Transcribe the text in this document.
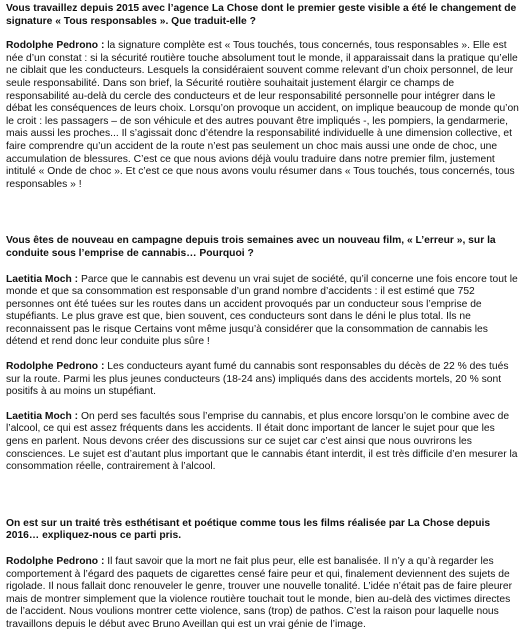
Vous travaillez depuis 2015 avec l’agence La Chose dont le premier geste visible a été le changement de signature « Tous responsables ». Que traduit-elle ?

Rodolphe Pedrono : la signature complète est « Tous touchés, tous concernés, tous responsables ». Elle est née d’un constat : si la sécurité routière touche absolument tout le monde, il apparaissait dans la pratique qu’elle ne ciblait que les conducteurs. Lesquels la considéraient souvent comme relevant d’un choix personnel, de leur seule responsabilité. Dans son brief, la Sécurité routière souhaitait justement élargir ce champs de responsabilité au-delà du cercle des conducteurs et de leur responsabilité personnelle pour intégrer dans le débat les conséquences de leurs choix. Lorsqu’on provoque un accident, on implique beaucoup de monde qu’on le croit : les passagers – de son véhicule et des autres pouvant être impliqués -, les pompiers, la gendarmerie, mais aussi les proches... Il s’agissait donc d’étendre la responsabilité individuelle à une dimension collective, et faire comprendre qu’un accident de la route n’est pas seulement un choc mais aussi une onde de choc, une accumulation de blessures. C’est ce que nous avions déjà voulu traduire dans notre premier film, justement intitulé « Onde de choc ». Et c’est ce que nous avons voulu résumer dans « Tous touchés, tous concernés, tous responsables » !

Vous êtes de nouveau en campagne depuis trois semaines avec un nouveau film, « L’erreur », sur la conduite sous l’emprise de cannabis… Pourquoi ?

Laetitia Moch : Parce que le cannabis est devenu un vrai sujet de société, qu’il concerne une fois encore tout le monde et que sa consommation est responsable d’un grand nombre d’accidents : il est estimé que 752 personnes ont été tuées sur les routes dans un accident provoqués par un conducteur sous l’emprise de stupéfiants. Le plus grave est que, bien souvent, ces conducteurs sont dans le déni le plus total. Ils ne reconnaissent pas le risque Certains vont même jusqu’à considérer que la consommation de cannabis les détend et rend donc leur conduite plus sûre !

Rodolphe Pedrono : Les conducteurs ayant fumé du cannabis sont responsables du décès de 22 % des tués sur la route. Parmi les plus jeunes conducteurs (18-24 ans) impliqués dans des accidents mortels, 20 % sont positifs à au moins un stupéfiant.

Laetitia Moch : On perd ses facultés sous l’emprise du cannabis, et plus encore lorsqu’on le combine avec de l’alcool, ce qui est assez fréquents dans les accidents. Il était donc important de lancer le sujet pour que les gens en parlent. Nous devons créer des discussions sur ce sujet car c’est ainsi que nous ouvrirons les consciences. Le sujet est d’autant plus important que le cannabis étant interdit, il est très difficile d’en mesurer la consommation réelle, contrairement à l’alcool.

On est sur un traité très esthétisant et poétique comme tous les films réalisée par La Chose depuis 2016… expliquez-nous ce parti pris.

Rodolphe Pedrono : Il faut savoir que la mort ne fait plus peur, elle est banalisée. Il n’y a qu’à regarder les comportement à l’égard des paquets de cigarettes censé faire peur et qui, finalement deviennent des sujets de rigolade. Il nous fallait donc renouveler le genre, trouver une nouvelle tonalité. L’idée n’était pas de faire pleurer mais de montrer simplement que la violence routière touchait tout le monde, bien au-delà des victimes directes de l’accident. Nous voulions montrer cette violence, sans (trop) de pathos. C’est la raison pour laquelle nous travaillons depuis le début avec Bruno Aveillan qui est un vrai génie de l’image.
